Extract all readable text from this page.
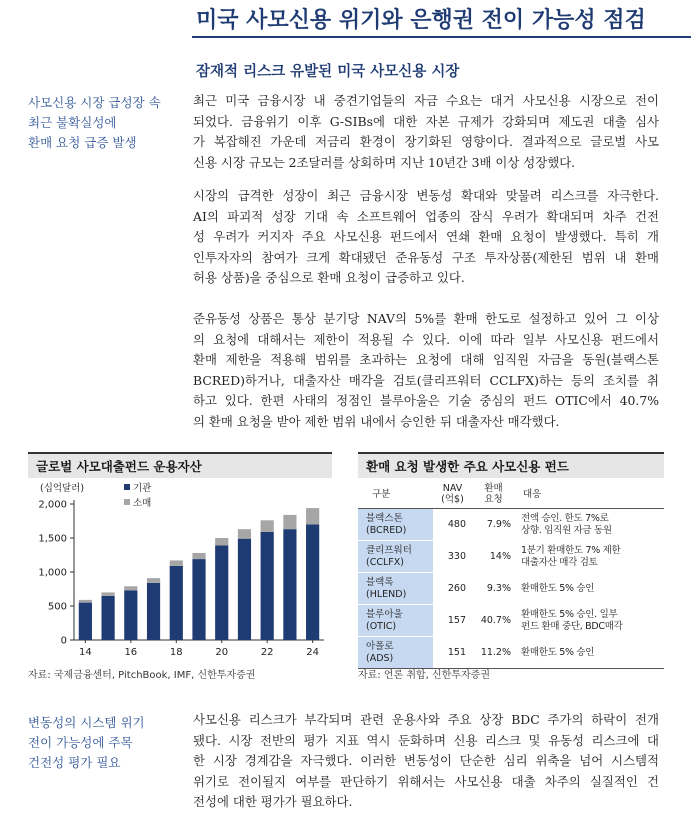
미국 사모신용 위기와 은행권 전이 가능성 점검
잠재적 리스크 유발된 미국 사모신용 시장
사모신용 시장 급성장 속
최근 불확실성에
환매 요청 급증 발생
변동성의 시스템 위기
전이 가능성에 주목
건전성 평가 필요
최근 미국 금융시장 내 중견기업들의 자금 수요는 대거 사모신용 시장으로 전이
되었다. 금융위기 이후 G-SIBs에 대한 자본 규제가 강화되며 제도권 대출 심사
가 복잡해진 가운데 저금리 환경이 장기화된 영향이다. 결과적으로 글로벌 사모
신용 시장 규모는 2조달러를 상회하며 지난 10년간 3배 이상 성장했다.
시장의 급격한 성장이 최근 금융시장 변동성 확대와 맞물려 리스크를 자극한다.
AI의 파괴적 성장 기대 속 소프트웨어 업종의 잠식 우려가 확대되며 차주 건전
성 우려가 커지자 주요 사모신용 펀드에서 연쇄 환매 요청이 발생했다. 특히 개
인투자자의 참여가 크게 확대됐던 준유동성 구조 투자상품(제한된 범위 내 환매
허용 상품)을 중심으로 환매 요청이 급증하고 있다.
준유동성 상품은 통상 분기당 NAV의 5%를 환매 한도로 설정하고 있어 그 이상
의 요청에 대해서는 제한이 적용될 수 있다. 이에 따라 일부 사모신용 펀드에서
환매 제한을 적용해 범위를 초과하는 요청에 대해 임직원 자금을 동원(블랙스톤
BCRED)하거나, 대출자산 매각을 검토(클리프워터 CCLFX)하는 등의 조치를 취
하고 있다. 한편 사태의 정점인 블루아울은 기술 중심의 펀드 OTIC에서 40.7%
의 환매 요청을 받아 제한 범위 내에서 승인한 뒤 대출자산 매각했다.
사모신용 리스크가 부각되며 관련 운용사와 주요 상장 BDC 주가의 하락이 전개
됐다. 시장 전반의 평가 지표 역시 둔화하며 신용 리스크 및 유동성 리스크에 대
한 시장 경계감을 자극했다. 이러한 변동성이 단순한 심리 위축을 넘어 시스템적
위기로 전이될지 여부를 판단하기 위해서는 사모신용 대출 차주의 실질적인 건
전성에 대한 평가가 필요하다.
글로벌 사모대출펀드 운용자산
(십억달러)	기관
소매
0
500
1,000
1,500
2,000
14	16	18	20	22	24
자료: 국제금융센터, PitchBook, IMF, 신한투자증권
환매 요청 발생한 주요 사모신용 펀드
구분	NAV
(억$)	환매
요청	대응

블랙스톤
(BCRED)	480	7.9%	전액 승인. 한도 7%로
상향. 임직원 자금 동원

클리프워터
(CCLFX)	330	14%	1분기 환매한도 7% 제한
대출자산 매각 검토

블랙록
(HLEND)	260	9.3%	환매한도 5% 승인

블루아울
(OTIC)	157	40.7%	환매한도 5% 승인. 일부
펀드 환매 중단, BDC매각

아폴로
(ADS)	151	11.2%	환매한도 5% 승인
자료: 언론 취합, 신한투자증권
